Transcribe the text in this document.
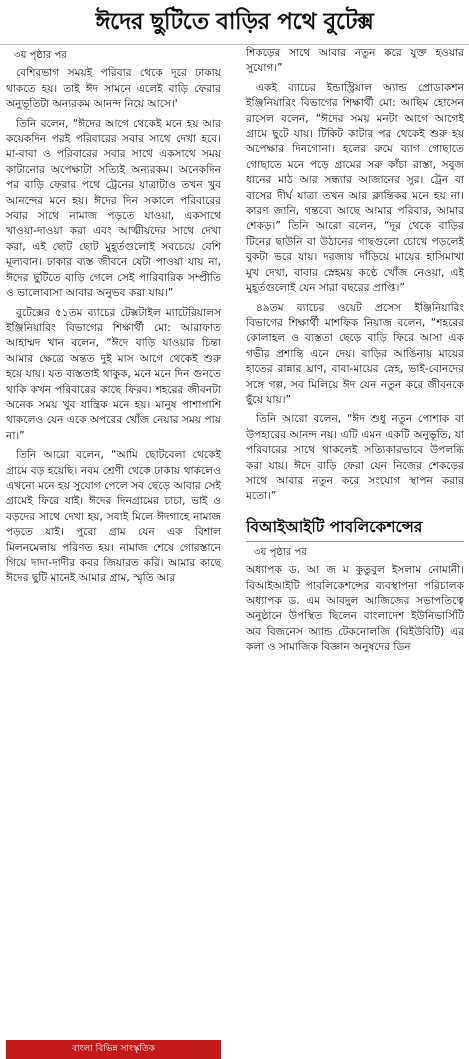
ঈদের ছুটিতে বাড়ির পথে বুটেক্স
৩য় পৃষ্ঠার পর

বেশিরভাগ সময়ই পরিবার থেকে দূরে ঢাকায় থাকতে হয়। তাই ঈদ সামনে এলেই বাড়ি ফেরার অনুভূতিটা অন্যরকম আনন্দ নিয়ে আসে।'

তিনি বলেন, “ঈদের আগে থেকেই মনে হয় আর কয়েকদিন পরই পরিবারের সবার সাথে দেখা হবে। মা-বাবা ও পরিবারের সবার সাথে একসাথে সময় কাটানোর অপেক্ষাটা সত্যিই অন্যরকম। অনেকদিন পর বাড়ি ফেরার পথে ট্রেনের যাত্রাটাও তখন খুব আনন্দের মনে হয়। ঈদের দিন সকালে পরিবারের সবার সাথে নামাজ পড়তে যাওয়া, একসাথে খাওয়া-দাওয়া করা এবং আত্মীয়দের সাথে দেখা করা, এই ছোট ছোট মুহূর্তগুলোই সবচেয়ে বেশি মূল্যবান। ঢাকার ব্যস্ত জীবনে যেটা পাওয়া যায় না, ঈদের ছুটিতে বাড়ি গেলে সেই পারিবারিক সম্প্রীতি ও ভালোবাসা আবার অনুভব করা যায়।”

বুটেক্সের ৫১তম ব্যাচের টেক্সটাইল ম্যাটেরিয়ালস ইঞ্জিনিয়ারিং বিভাগের শিক্ষার্থী মো: আরাফাত আহাম্মদ খান বলেন, “ঈদে বাড়ি যাওয়ার চিন্তা আমার ক্ষেত্রে অন্তত দুই মাস আগে থেকেই শুরু হয়ে যায়। যত ব্যস্ততাই থাকুক, মনে মনে দিন গুনতে থাকি কখন পরিবারের কাছে ফিরব। শহরের জীবনটা অনেক সময় খুব যান্ত্রিক মনে হয়। মানুষ পাশাপাশি থাকলেও যেন একে অপরের খোঁজ নেয়ার সময় পায় না।”

তিনি আরো বলেন, “আমি ছোটবেলা থেকেই গ্রামে বড় হয়েছি। নবম শ্রেণী থেকে ঢাকায় থাকলেও এখনো মনে হয় সুযোগ পেলে সব ছেড়ে আবার সেই গ্রামেই ফিরে যাই। ঈদের দিনগ্রামের চাচা, ভাই ও বড়দের সাথে দেখা হয়, সবাই মিলে ঈদগাহে নামাজ পড়তে যাই। পুরো গ্রাম যেন এক বিশাল মিলনমেলায় পরিণত হয়। নামাজ শেষে গোরস্তানে গিয়ে দাদা-দাদীর কবর জিয়ারত করি। আমার কাছে ঈদের ছুটি মানেই আমার গ্রাম, স্মৃতি আর

শিকড়ের সাথে আবার নতুন করে যুক্ত হওয়ার সুযোগ।”

একই ব্যাচের ইন্ডাস্ট্রিয়াল অ্যান্ড প্রোডাকশন ইঞ্জিনিয়ারিং বিভাগের শিক্ষার্থী মো: আছিম হোসেন রাসেল বলেন, “ঈদের সময় মনটা আগে আগেই গ্রামে ছুটে যায়। টিকিট কাটার পর থেকেই শুরু হয় অপেক্ষার দিনগোনা। হলের রুমে ব্যাগ গোছাতে গোছাতে মনে পড়ে গ্রামের সরু কাঁচা রাস্তা, সবুজ ধানের মাঠ আর সন্ধ্যার আজানের সুর। ট্রেন বা বাসের দীর্ঘ যাত্রা তখন আর ক্লান্তিকর মনে হয় না। কারণ জানি, গন্তব্যে আছে আমার পরিবার, আমার শেকড়।” তিনি আরো বলেন, “দূর থেকে বাড়ির টিনের ছাউনি বা উঠানের গাছগুলো চোখে পড়লেই বুকটা ভরে যায়। দরজায় দাঁড়িয়ে মায়ের হাসিমাখা মুখ দেখা, বাবার স্নেহময় কণ্ঠে খোঁজ নেওয়া, এই মুহূর্তগুলোই যেন সারা বছরের প্রাপ্তি।”

৪৯তম ব্যাচের ওয়েট প্রসেস ইঞ্জিনিয়ারিং বিভাগের শিক্ষার্থী মাশফিক নিয়াজ বলেন, “শহরের কোলাহল ও ব্যস্ততা ছেড়ে বাড়ি ফিরে আসা এক গভীর প্রশান্তি এনে দেয়। বাড়ির আঙিনায় মায়ের হাতের রান্নার ঘ্রাণ, বাবা-মায়ের স্নেহ, ভাই-বোনদের সঙ্গে গল্প, সব মিলিয়ে ঈদ যেন নতুন করে জীবনকে ছুঁয়ে যায়।”

তিনি আরো বলেন, “ঈদ শুধু নতুন পোশাক বা উপহারের আনন্দ নয়। এটি এমন একটি অনুভূতি, যা পরিবারের সাথে থাকলেই সত্যিকারভাবে উপলব্ধি করা যায়। ঈদে বাড়ি ফেরা যেন নিজের শেকড়ের সাথে আবার নতুন করে সংযোগ স্থাপন করার মতো।”

বিআইআইটি পাবলিকেশন্সের
৩য় পৃষ্ঠার পর

অধ্যাপক ড. আ জ ম কুতুবুল ইসলাম নোমানী। বিআইআইটি পাবলিকেশন্সের ব্যবস্থাপনা পরিচালক অধ্যাপক ড. এম আবদুল আজিজের সভাপতিত্বে অনুষ্ঠানে উপস্থিত ছিলেন বাংলাদেশ ইউনিভার্সিটি অব বিজনেস অ্যান্ড টেকনোলজি (বিইউবিটি) এর কলা ও সামাজিক বিজ্ঞান অনুষদের ডিন

বাংলা বিভিন্ন সাংস্কৃতিক
